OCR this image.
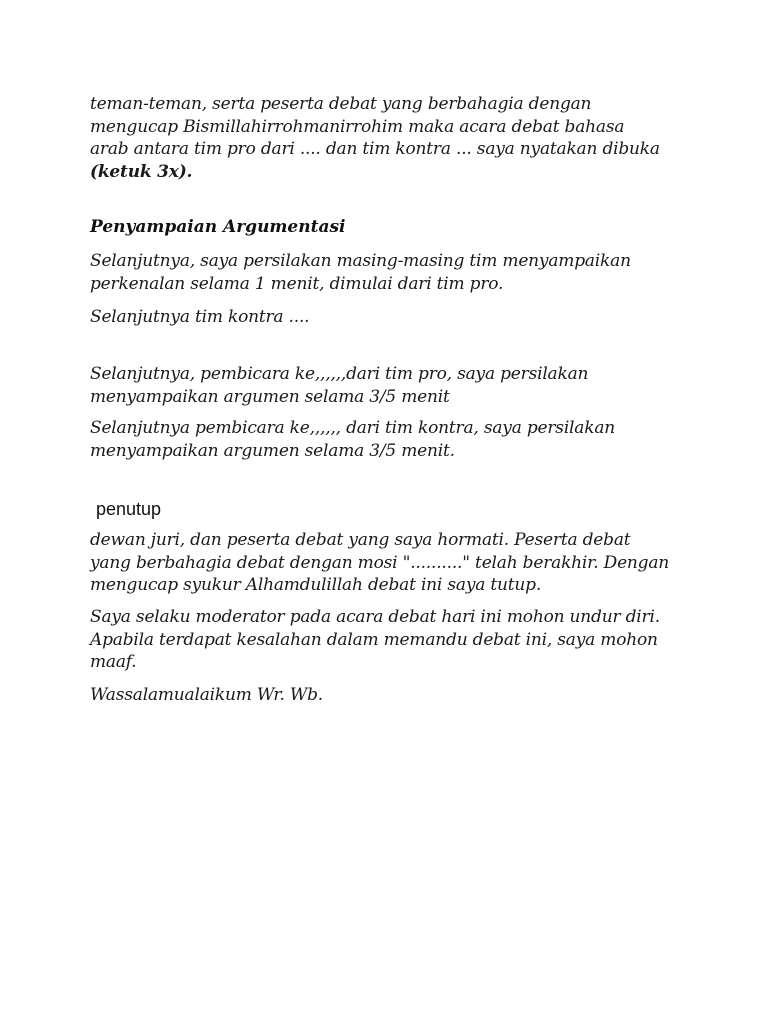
teman-teman, serta peserta debat yang berbahagia dengan
mengucap Bismillahirrohmanirrohim maka acara debat bahasa
arab antara tim pro dari .... dan tim kontra ... saya nyatakan dibuka
(ketuk 3x).

Penyampaian Argumentasi

Selanjutnya, saya persilakan masing-masing tim menyampaikan
perkenalan selama 1 menit, dimulai dari tim pro.

Selanjutnya tim kontra ....

Selanjutnya, pembicara ke,,,,,,dari tim pro, saya persilakan
menyampaikan argumen selama 3/5 menit

Selanjutnya pembicara ke,,,,,, dari tim kontra, saya persilakan
menyampaikan argumen selama 3/5 menit.

penutup

dewan juri, dan peserta debat yang saya hormati. Peserta debat
yang berbahagia debat dengan mosi ".........." telah berakhir. Dengan
mengucap syukur Alhamdulillah debat ini saya tutup.

Saya selaku moderator pada acara debat hari ini mohon undur diri.
Apabila terdapat kesalahan dalam memandu debat ini, saya mohon
maaf.

Wassalamualaikum Wr. Wb.
